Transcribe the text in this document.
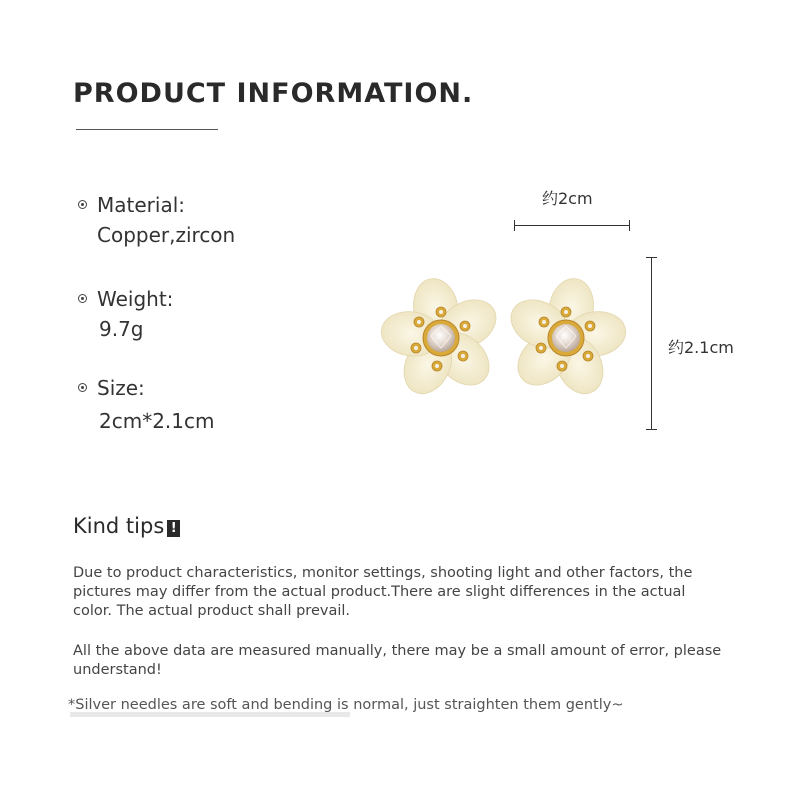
PRODUCT INFORMATION.
Material:
Copper,zircon
Weight:
9.7g
Size:
2cm*2.1cm
约2cm
约2.1cm
Kind tips !
Due to product characteristics, monitor settings, shooting light and other factors, the pictures may differ from the actual product.There are slight differences in the actual color. The actual product shall prevail.
All the above data are measured manually, there may be a small amount of error, please understand!
*Silver needles are soft and bending is normal, just straighten them gently~
